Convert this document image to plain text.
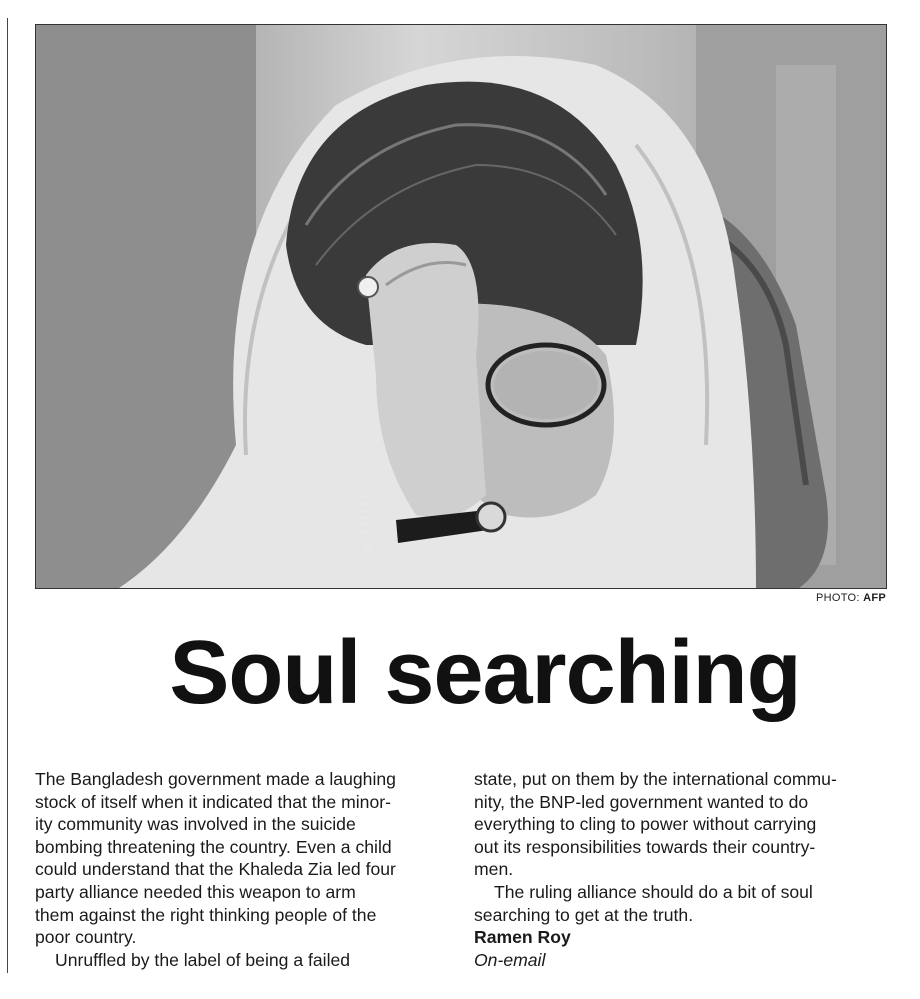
PHOTO: AFP
Soul searching

The Bangladesh government made a laughing

stock of itself when it indicated that the minor-

ity community was involved in the suicide

bombing threatening the country. Even a child

could understand that the Khaleda Zia led four

party alliance needed this weapon to arm

them against the right thinking people of the

poor country.

Unruffled by the label of being a failed

state, put on them by the international commu-

nity, the BNP-led government wanted to do

everything to cling to power without carrying

out its responsibilities towards their country-

men.

The ruling alliance should do a bit of soul

searching to get at the truth.

Ramen Roy

On-email
